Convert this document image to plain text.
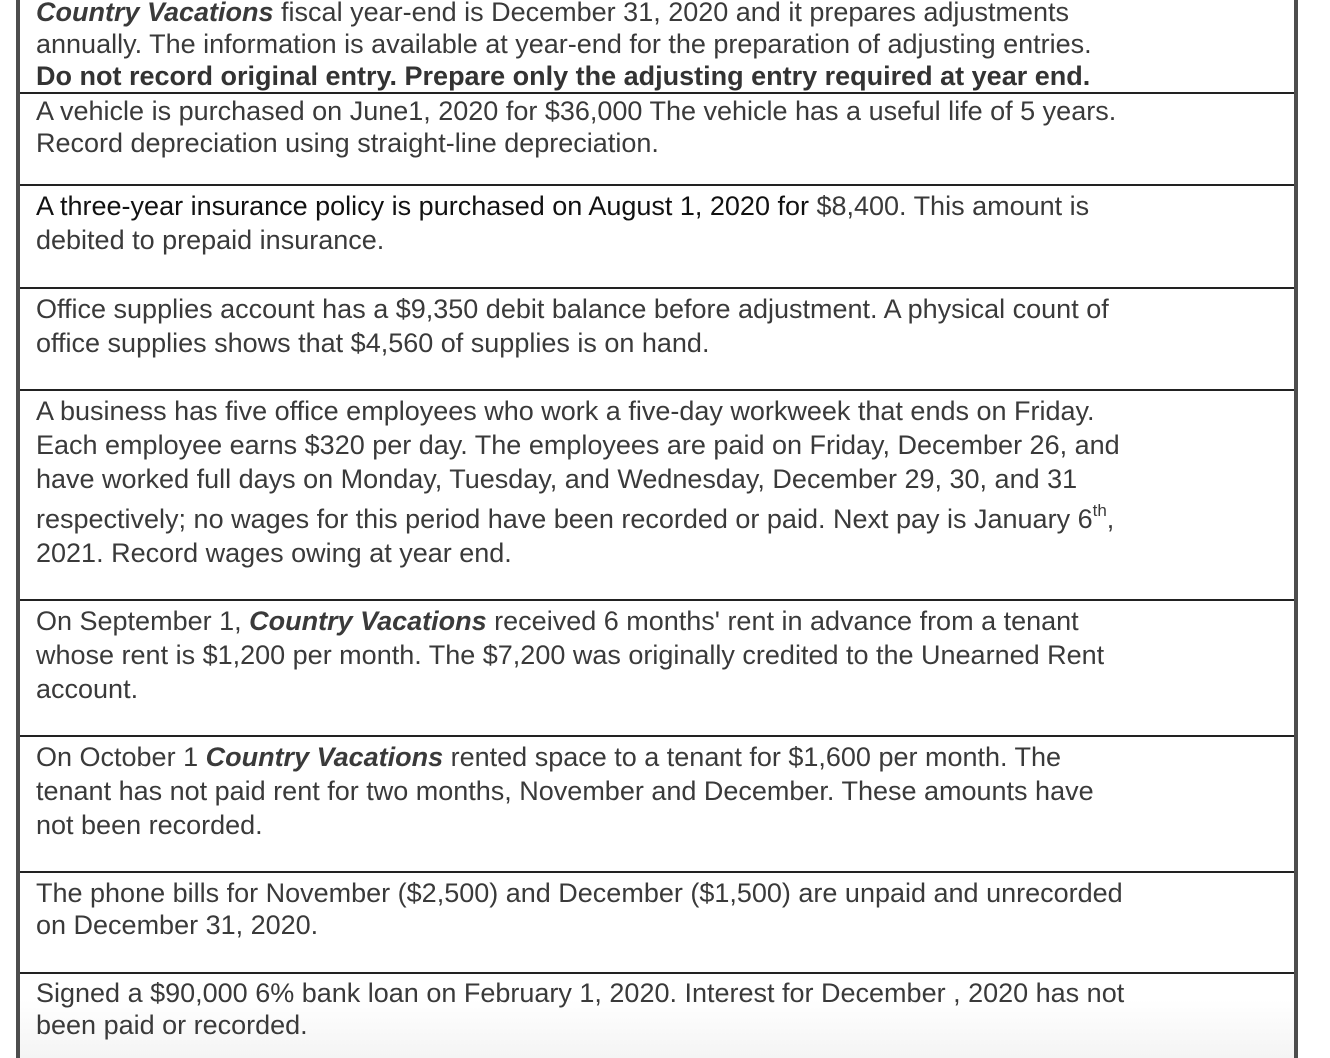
Country Vacations fiscal year-end is December 31, 2020 and it prepares adjustments
annually. The information is available at year-end for the preparation of adjusting entries.
Do not record original entry. Prepare only the adjusting entry required at year end.
A vehicle is purchased on June1, 2020 for $36,000 The vehicle has a useful life of 5 years.
Record depreciation using straight-line depreciation.
A three-year insurance policy is purchased on August 1, 2020 for $8,400. This amount is
debited to prepaid insurance.
Office supplies account has a $9,350 debit balance before adjustment. A physical count of
office supplies shows that $4,560 of supplies is on hand.
A business has five office employees who work a five-day workweek that ends on Friday.
Each employee earns $320 per day. The employees are paid on Friday, December 26, and
have worked full days on Monday, Tuesday, and Wednesday, December 29, 30, and 31
respectively; no wages for this period have been recorded or paid. Next pay is January 6th,
2021. Record wages owing at year end.
On September 1, Country Vacations received 6 months' rent in advance from a tenant
whose rent is $1,200 per month. The $7,200 was originally credited to the Unearned Rent
account.
On October 1 Country Vacations rented space to a tenant for $1,600 per month. The
tenant has not paid rent for two months, November and December. These amounts have
not been recorded.
The phone bills for November ($2,500) and December ($1,500) are unpaid and unrecorded
on December 31, 2020.
Signed a $90,000 6% bank loan on February 1, 2020. Interest for December , 2020 has not
been paid or recorded.
